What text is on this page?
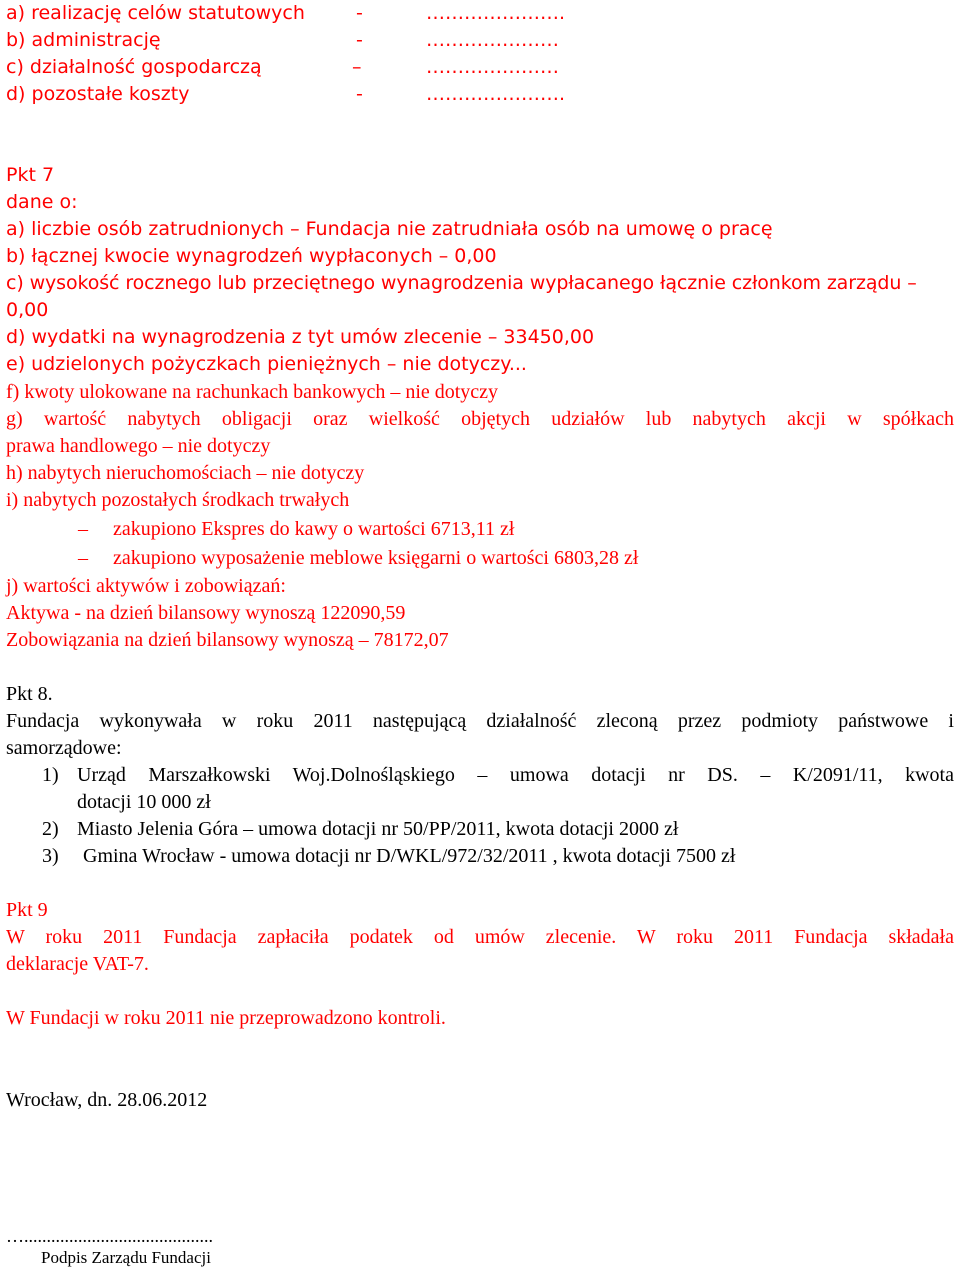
a) realizację celów statutowych	-	………………….
b) administrację	-	…………………
c) działalność gospodarczą	–	…………………
d) pozostałe koszty	-	………………….
Pkt 7
dane o:
a) liczbie osób zatrudnionych – Fundacja nie zatrudniała osób na umowę o pracę
b) łącznej kwocie wynagrodzeń wypłaconych – 0,00
c) wysokość rocznego lub przeciętnego wynagrodzenia wypłacanego łącznie członkom zarządu –
0,00
d) wydatki na wynagrodzenia z tyt umów zlecenie – 33450,00
e) udzielonych pożyczkach pieniężnych – nie dotyczy...
f) kwoty ulokowane na rachunkach bankowych – nie dotyczy
g) wartość nabytych obligacji oraz wielkość objętych udziałów lub nabytych akcji w spółkach
prawa handlowego – nie dotyczy
h) nabytych nieruchomościach – nie dotyczy
i) nabytych pozostałych środkach trwałych
– zakupiono Ekspres do kawy o wartości 6713,11 zł
– zakupiono wyposażenie meblowe księgarni o wartości 6803,28 zł
j) wartości aktywów i zobowiązań:
Aktywa - na dzień bilansowy wynoszą 122090,59
Zobowiązania na dzień bilansowy wynoszą – 78172,07
Pkt 8.
Fundacja wykonywała w roku 2011 następującą działalność zleconą przez podmioty państwowe i
samorządowe:
1) Urząd Marszałkowski Woj.Dolnośląskiego – umowa dotacji nr DS. – K/2091/11, kwota
dotacji 10 000 zł
2) Miasto Jelenia Góra – umowa dotacji nr 50/PP/2011, kwota dotacji 2000 zł
3) Gmina Wrocław - umowa dotacji nr D/WKL/972/32/2011 , kwota dotacji 7500 zł
Pkt 9
W roku 2011 Fundacja zapłaciła podatek od umów zlecenie. W roku 2011 Fundacja składała
deklaracje VAT-7.
W Fundacji w roku 2011 nie przeprowadzono kontroli.
Wrocław, dn. 28.06.2012
…..........................................
Podpis Zarządu Fundacji
